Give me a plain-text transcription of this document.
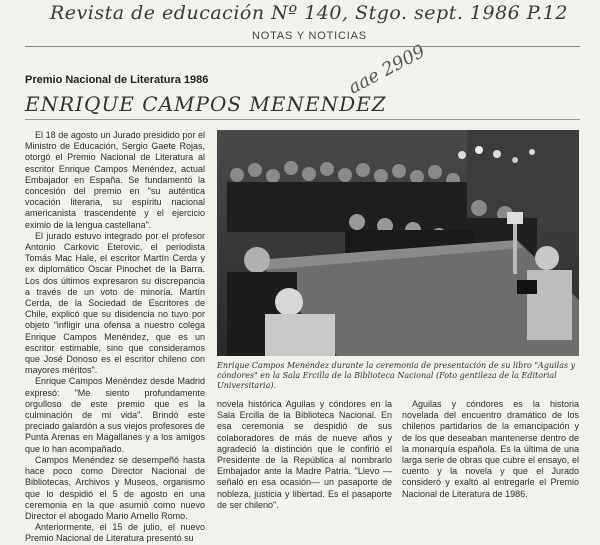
Revista de educación Nº 140, Stgo. sept. 1986 P.12
aae 2909
NOTAS Y NOTICIAS
Premio Nacional de Literatura 1986
ENRIQUE CAMPOS MENENDEZ

El 18 de agosto un Jurado presidido por el Ministro de Educación, Sergio Gaete Rojas, otorgó el Premio Nacional de Literatura al escritor Enrique Campos Menéndez, actual Embajador en España. Se fundamentó la concesión del premio en "su auténtica vocación literaria, su espíritu nacional americanista trascendente y el ejercicio eximio de la lengua castellana".

El jurado estuvo integrado por el profesor Antonio Carkovic Eterovic, el periodista Tomás Mac Hale, el escritor Martín Cerda y ex diplomático Oscar Pinochet de la Barra. Los dos últimos expresaron su discrepancia a través de un voto de minoría. Martín Cerda, de la Sociedad de Escritores de Chile, explicó que su disidencia no tuvo por objeto "infligir una ofensa a nuestro colega Enrique Campos Menéndez, que es un escritor estimable, sino que consideramos que José Donoso es el escritor chileno con mayores méritos".

Enrique Campos Menéndez desde Madrid expresó: "Me siento profundamente orgulloso de este premio que es la culminación de mi vida". Brindó este preciado galardón a sus viejos profesores de Punta Arenas en Magallanes y a los amigos que lo han acompañado.

Campos Menéndez se desempeñó hasta hace poco como Director Nacional de Bibliotecas, Archivos y Museos, organismo que lo despidió el 5 de agosto en una ceremonia en la que asumió como nuevo Director el abogado Mario Arnello Romo.

Anteriormente, el 15 de julio, el nuevo Premio Nacional de Literatura presentó su

Enrique Campos Menéndez durante la ceremonia de presentación de su libro "Aguilas y cóndores" en la Sala Ercilla de la Biblioteca Nacional (Foto gentileza de la Editorial Universitaria).

novela histórica Aguilas y cóndores en la Sala Ercilla de la Biblioteca Nacional. En esa ceremonia se despidió de sus colaboradores de más de nueve años y agradeció la distinción que le confirió el Presidente de la República al nombrarlo Embajador ante la Madre Patria. "Llevo —señaló en esa ocasión— un pasaporte de nobleza, justicia y libertad. Es el pasaporte de ser chileno".

Aguilas y cóndores es la historia novelada del encuentro dramático de los chilenos partidarios de la emancipación y de los que deseaban mantenerse dentro de la monarquía española. Es la última de una larga serie de obras que cubre el ensayo, el cuento y la novela y que el Jurado consideró y exaltó al entregarle el Premio Nacional de Literatura de 1986.
